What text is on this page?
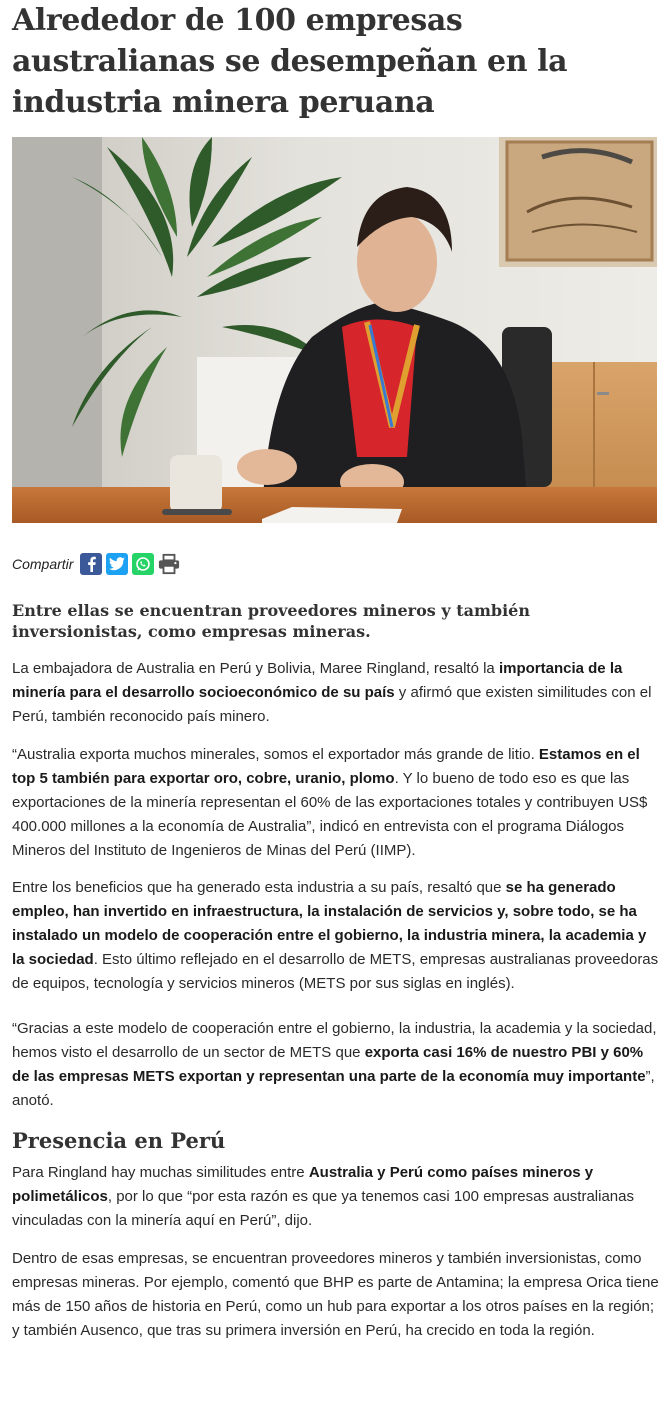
Alrededor de 100 empresas australianas se desempeñan en la industria minera peruana
Compartir
Entre ellas se encuentran proveedores mineros y también inversionistas, como empresas mineras.

La embajadora de Australia en Perú y Bolivia, Maree Ringland, resaltó la importancia de la minería para el desarrollo socioeconómico de su país y afirmó que existen similitudes con el Perú, también reconocido país minero.

“Australia exporta muchos minerales, somos el exportador más grande de litio. Estamos en el top 5 también para exportar oro, cobre, uranio, plomo. Y lo bueno de todo eso es que las exportaciones de la minería representan el 60% de las exportaciones totales y contribuyen US$ 400.000 millones a la economía de Australia”, indicó en entrevista con el programa Diálogos Mineros del Instituto de Ingenieros de Minas del Perú (IIMP).

Entre los beneficios que ha generado esta industria a su país, resaltó que se ha generado empleo, han invertido en infraestructura, la instalación de servicios y, sobre todo, se ha instalado un modelo de cooperación entre el gobierno, la industria minera, la academia y la sociedad. Esto último reflejado en el desarrollo de METS, empresas australianas proveedoras de equipos, tecnología y servicios mineros (METS por sus siglas en inglés).

“Gracias a este modelo de cooperación entre el gobierno, la industria, la academia y la sociedad, hemos visto el desarrollo de un sector de METS que exporta casi 16% de nuestro PBI y 60% de las empresas METS exportan y representan una parte de la economía muy importante”, anotó.

Presencia en Perú

Para Ringland hay muchas similitudes entre Australia y Perú como países mineros y polimetálicos, por lo que “por esta razón es que ya tenemos casi 100 empresas australianas vinculadas con la minería aquí en Perú”, dijo.

Dentro de esas empresas, se encuentran proveedores mineros y también inversionistas, como empresas mineras. Por ejemplo, comentó que BHP es parte de Antamina; la empresa Orica tiene más de 150 años de historia en Perú, como un hub para exportar a los otros países en la región; y también Ausenco, que tras su primera inversión en Perú, ha crecido en toda la región.
